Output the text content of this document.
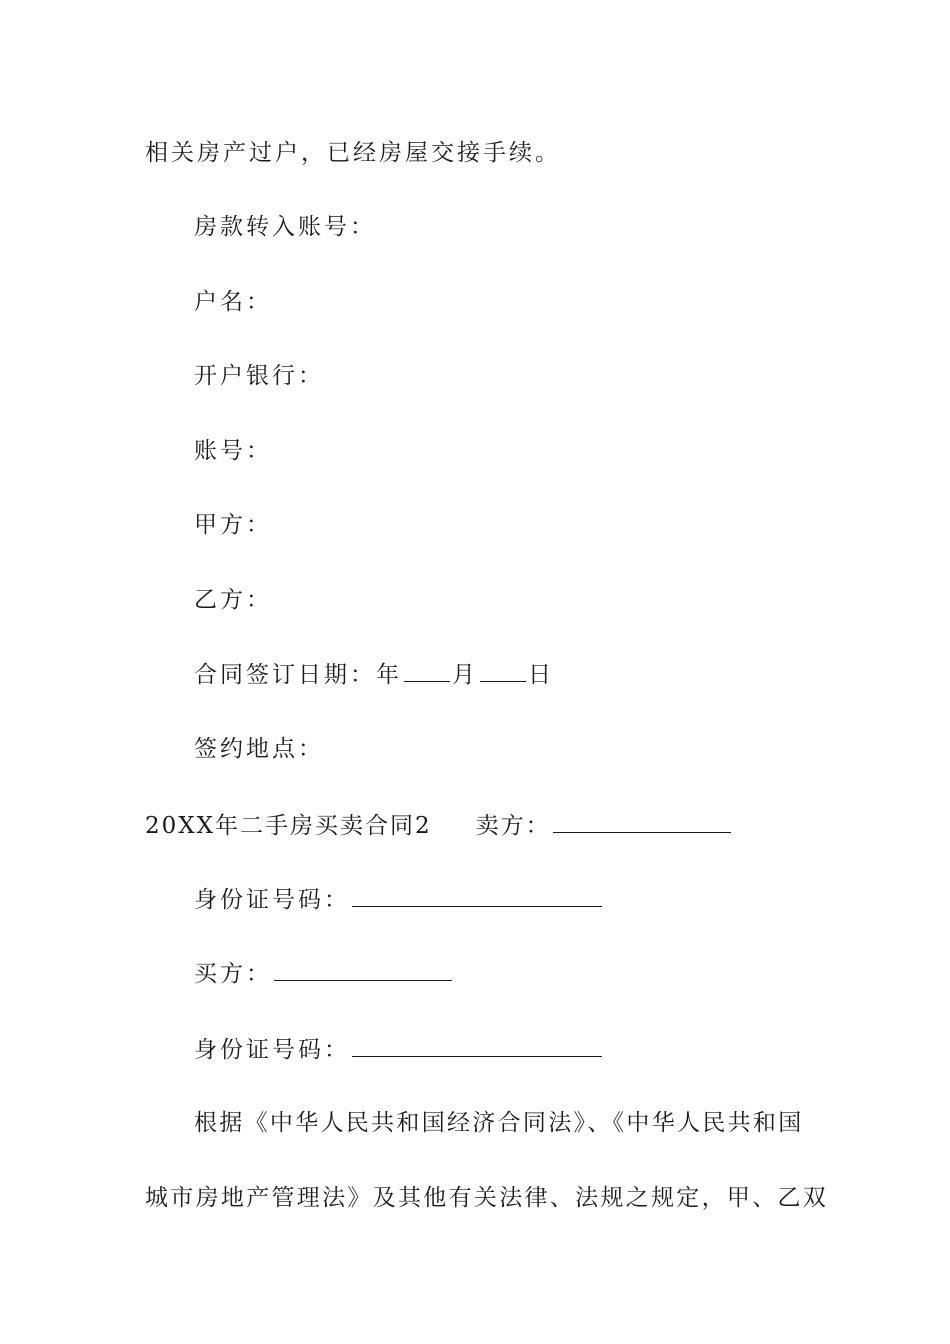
相关房产过户，已经房屋交接手续。
房款转入账号：
户名：
开户银行：
账号：
甲方：
乙方：
合同签订日期：年 月 日
签约地点：
20XX年二手房买卖合同2 卖方：
身份证号码：
买方：
身份证号码：
根据《中华人民共和国经济合同法》、《中华人民共和国
城市房地产管理法》及其他有关法律、法规之规定，甲、乙双
